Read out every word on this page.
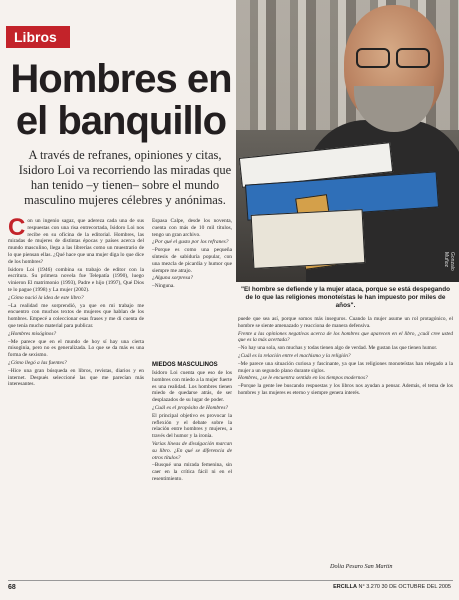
Libros
Gonzalo Muñoz
Hombres en el banquillo
A través de refranes, opiniones y citas, Isidoro Loi va recorriendo las miradas que han tenido –y tienen– sobre el mundo masculino mujeres célebres y anónimas.
"El hombre se defiende y la mujer ataca, porque se está despegando de lo que las religiones monoteístas le han impuesto por miles de años".

Con un ingenio sagaz, que adereza cada una de sus respuestas con una risa entrecortada, Isidoro Loi nos recibe en su oficina de la editorial. Hombres, las miradas de mujeres de distintas épocas y países acerca del mundo masculino, llega a las librerías como un muestrario de lo que piensan ellas. ¿Qué hace que una mujer diga lo que dice de los hombres?

Isidoro Loi (1946) combina su trabajo de editor con la escritura. Su primera novela fue Telepatía (1990), luego vinieron El matrimonio (1993), Padre e hijo (1997), Qué Dios te lo pague (1998) y La mujer (2002).

¿Cómo nació la idea de este libro?

–La realidad me sorprendió, ya que en mi trabajo me encuentro con muchos textos de mujeres que hablan de los hombres. Empecé a coleccionar esas frases y me di cuenta de que tenía mucho material para publicar.

¿Hombres misóginos?

–Me parece que en el mundo de hoy sí hay una cierta misoginia, pero no es generalizada. Lo que se da más es una forma de sexismo.

¿Cómo llegó a las fuentes?

–Hice una gran búsqueda en libros, revistas, diarios y en internet. Después seleccioné las que me parecían más interesantes.

Espasa Calpe, desde los noventa, cuenta con más de 10 mil títulos, tengo un gran archivo.

¿Por qué el gusto por los refranes?

–Porque es como una pequeña síntesis de sabiduría popular, con una mezcla de picardía y humor que siempre me atrajo.

¿Alguna sorpresa?

–Ninguna.

MIEDOS MASCULINOS

Isidoro Loi cuenta que eso de los hombres con miedo a la mujer fuerte es una realidad. Los hombres tienen miedo de quedarse atrás, de ser desplazados de su lugar de poder.

¿Cuál es el propósito de Hombres?

El principal objetivo es provocar la reflexión y el debate sobre la relación entre hombres y mujeres, a través del humor y la ironía.

Varias líneas de divulgación marcan su libro. ¿En qué se diferencia de otros títulos?

–Busqué una mirada femenina, sin caer en la crítica fácil ni en el resentimiento.

puede que sea así, porque somos más inseguros. Cuando la mujer asume un rol protagónico, el hombre se siente amenazado y reacciona de manera defensiva.

Frente a las opiniones negativas acerca de los hombres que aparecen en el libro, ¿cuál cree usted que es la más acertada?

–No hay una sola, son muchas y todas tienen algo de verdad. Me gustan las que tienen humor.

¿Cuál es la relación entre el machismo y la religión?

–Me parece una situación curiosa y fascinante, ya que las religiones monoteístas han relegado a la mujer a un segundo plano durante siglos.

Hombres, ¿se le encuentra sentido en los tiempos modernos?

–Porque la gente lee buscando respuestas y los libros nos ayudan a pensar. Además, el tema de los hombres y las mujeres es eterno y siempre genera interés.

Dolia Pesaro San Martin
68	ERCILLA N° 3.270 30 DE OCTUBRE DEL 2005
